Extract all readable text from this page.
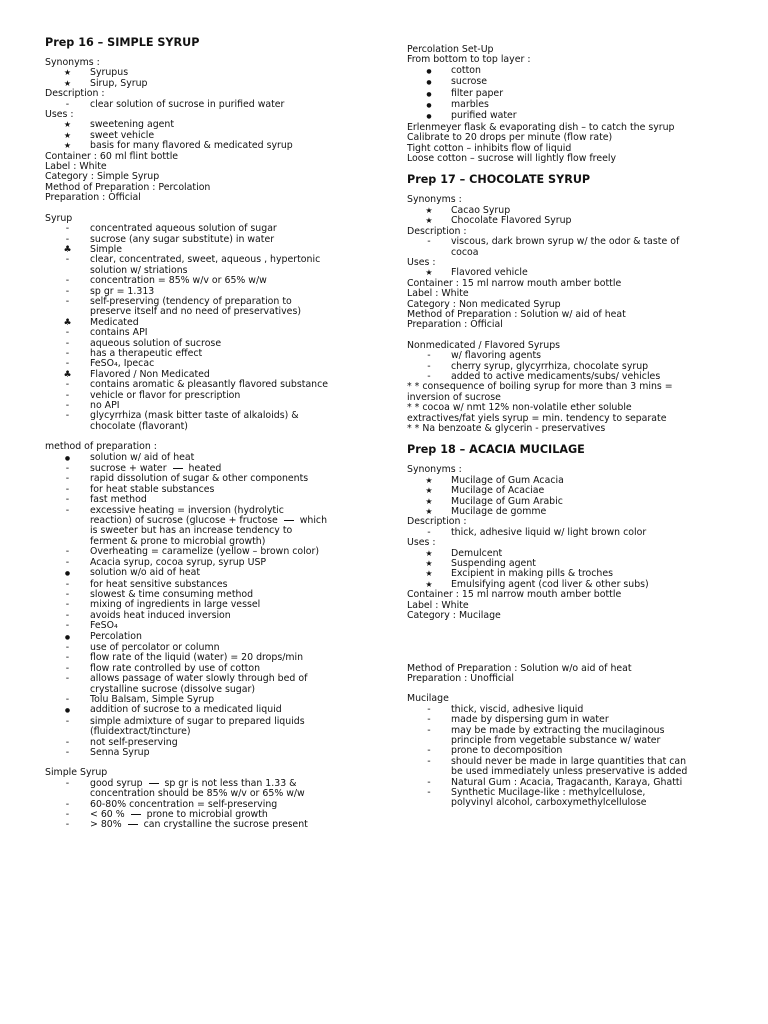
Prep 16 – SIMPLE SYRUP
Synonyms :
★
Syrupus
★
Sirup, Syrup
Description :
-
clear solution of sucrose in purified water
Uses :
★
sweetening agent
★
sweet vehicle
★
basis for many flavored & medicated syrup
Container : 60 ml flint bottle
Label : White
Category : Simple Syrup
Method of Preparation : Percolation
Preparation : Official
Syrup
-
concentrated aqueous solution of sugar
-
sucrose (any sugar substitute) in water
♣
Simple
-
clear, concentrated, sweet, aqueous , hypertonic
solution w/ striations
-
concentration = 85% w/v or 65% w/w
-
sp gr = 1.313
-
self-preserving (tendency of preparation to
preserve itself and no need of preservatives)
♣
Medicated
-
contains API
-
aqueous solution of sucrose
-
has a therapeutic effect
-
FeSO₄, Ipecac
♣
Flavored / Non Medicated
-
contains aromatic & pleasantly flavored substance
-
vehicle or flavor for prescription
-
no API
-
glycyrrhiza (mask bitter taste of alkaloids) &
chocolate (flavorant)
method of preparation :
●
solution w/ aid of heat
-
sucrose + water  heated
-
rapid dissolution of sugar & other components
-
for heat stable substances
-
fast method
-
excessive heating = inversion (hydrolytic
reaction) of sucrose (glucose + fructose  which
is sweeter but has an increase tendency to
ferment & prone to microbial growth)
-
Overheating = caramelize (yellow – brown color)
-
Acacia syrup, cocoa syrup, syrup USP
●
solution w/o aid of heat
-
for heat sensitive substances
-
slowest & time consuming method
-
mixing of ingredients in large vessel
-
avoids heat induced inversion
-
FeSO₄
●
Percolation
-
use of percolator or column
-
flow rate of the liquid (water) = 20 drops/min
-
flow rate controlled by use of cotton
-
allows passage of water slowly through bed of
crystalline sucrose (dissolve sugar)
-
Tolu Balsam, Simple Syrup
●
addition of sucrose to a medicated liquid
-
simple admixture of sugar to prepared liquids
(fluidextract/tincture)
-
not self-preserving
-
Senna Syrup
Simple Syrup
-
good syrup  sp gr is not less than 1.33 &
concentration should be 85% w/v or 65% w/w
-
60-80% concentration = self-preserving
-
< 60 %  prone to microbial growth
-
> 80%  can crystalline the sucrose present
Percolation Set-Up
From bottom to top layer :
●
cotton
●
sucrose
●
filter paper
●
marbles
●
purified water
Erlenmeyer flask & evaporating dish – to catch the syrup
Calibrate to 20 drops per minute (flow rate)
Tight cotton – inhibits flow of liquid
Loose cotton – sucrose will lightly flow freely
Prep 17 – CHOCOLATE SYRUP
Synonyms :
★
Cacao Syrup
★
Chocolate Flavored Syrup
Description :
-
viscous, dark brown syrup w/ the odor & taste of
cocoa
Uses :
★
Flavored vehicle
Container : 15 ml narrow mouth amber bottle
Label : White
Category : Non medicated Syrup
Method of Preparation : Solution w/ aid of heat
Preparation : Official
Nonmedicated / Flavored Syrups
-
w/ flavoring agents
-
cherry syrup, glycyrrhiza, chocolate syrup
-
added to active medicaments/subs/ vehicles
* * consequence of boiling syrup for more than 3 mins =
inversion of sucrose
* * cocoa w/ nmt 12% non-volatile ether soluble
extractives/fat yiels syrup = min. tendency to separate
* * Na benzoate & glycerin - preservatives
Prep 18 – ACACIA MUCILAGE
Synonyms :
★
Mucilage of Gum Acacia
★
Mucilage of Acaciae
★
Mucilage of Gum Arabic
★
Mucilage de gomme
Description :
-
thick, adhesive liquid w/ light brown color
Uses :
★
Demulcent
★
Suspending agent
★
Excipient in making pills & troches
★
Emulsifying agent (cod liver & other subs)
Container : 15 ml narrow mouth amber bottle
Label : White
Category : Mucilage
Method of Preparation : Solution w/o aid of heat
Preparation : Unofficial
Mucilage
-
thick, viscid, adhesive liquid
-
made by dispersing gum in water
-
may be made by extracting the mucilaginous
principle from vegetable substance w/ water
-
prone to decomposition
-
should never be made in large quantities that can
be used immediately unless preservative is added
-
Natural Gum : Acacia, Tragacanth, Karaya, Ghatti
-
Synthetic Mucilage-like : methylcellulose,
polyvinyl alcohol, carboxymethylcellulose
